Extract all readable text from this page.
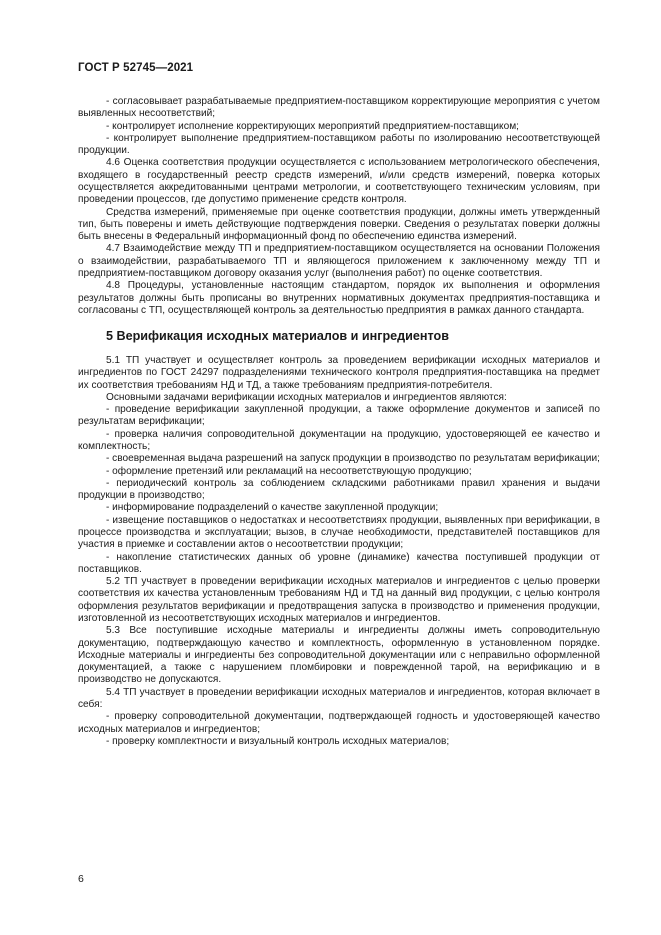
ГОСТ Р 52745—2021

- согласовывает разрабатываемые предприятием-поставщиком корректирующие мероприятия с учетом выявленных несоответствий;

- контролирует исполнение корректирующих мероприятий предприятием-поставщиком;

- контролирует выполнение предприятием-поставщиком работы по изолированию несоответствующей продукции.

4.6 Оценка соответствия продукции осуществляется с использованием метрологического обеспечения, входящего в государственный реестр средств измерений, и/или средств измерений, поверка которых осуществляется аккредитованными центрами метрологии, и соответствующего техническим условиям, при проведении процессов, где допустимо применение средств контроля.

Средства измерений, применяемые при оценке соответствия продукции, должны иметь утвержденный тип, быть поверены и иметь действующие подтверждения поверки. Сведения о результатах поверки должны быть внесены в Федеральный информационный фонд по обеспечению единства измерений.

4.7 Взаимодействие между ТП и предприятием-поставщиком осуществляется на основании Положения о взаимодействии, разрабатываемого ТП и являющегося приложением к заключенному между ТП и предприятием-поставщиком договору оказания услуг (выполнения работ) по оценке соответствия.

4.8 Процедуры, установленные настоящим стандартом, порядок их выполнения и оформления результатов должны быть прописаны во внутренних нормативных документах предприятия-поставщика и согласованы с ТП, осуществляющей контроль за деятельностью предприятия в рамках данного стандарта.

5 Верификация исходных материалов и ингредиентов

5.1 ТП участвует и осуществляет контроль за проведением верификации исходных материалов и ингредиентов по ГОСТ 24297 подразделениями технического контроля предприятия-поставщика на предмет их соответствия требованиям НД и ТД, а также требованиям предприятия-потребителя.

Основными задачами верификации исходных материалов и ингредиентов являются:

- проведение верификации закупленной продукции, а также оформление документов и записей по результатам верификации;

- проверка наличия сопроводительной документации на продукцию, удостоверяющей ее качество и комплектность;

- своевременная выдача разрешений на запуск продукции в производство по результатам верификации;

- оформление претензий или рекламаций на несоответствующую продукцию;

- периодический контроль за соблюдением складскими работниками правил хранения и выдачи продукции в производство;

- информирование подразделений о качестве закупленной продукции;

- извещение поставщиков о недостатках и несоответствиях продукции, выявленных при верификации, в процессе производства и эксплуатации; вызов, в случае необходимости, представителей поставщиков для участия в приемке и составлении актов о несоответствии продукции;

- накопление статистических данных об уровне (динамике) качества поступившей продукции от поставщиков.

5.2 ТП участвует в проведении верификации исходных материалов и ингредиентов с целью проверки соответствия их качества установленным требованиям НД и ТД на данный вид продукции, с целью контроля оформления результатов верификации и предотвращения запуска в производство и применения продукции, изготовленной из несоответствующих исходных материалов и ингредиентов.

5.3 Все поступившие исходные материалы и ингредиенты должны иметь сопроводительную документацию, подтверждающую качество и комплектность, оформленную в установленном порядке. Исходные материалы и ингредиенты без сопроводительной документации или с неправильно оформленной документацией, а также с нарушением пломбировки и поврежденной тарой, на верификацию и в производство не допускаются.

5.4 ТП участвует в проведении верификации исходных материалов и ингредиентов, которая включает в себя:

- проверку сопроводительной документации, подтверждающей годность и удостоверяющей качество исходных материалов и ингредиентов;

- проверку комплектности и визуальный контроль исходных материалов;

6
